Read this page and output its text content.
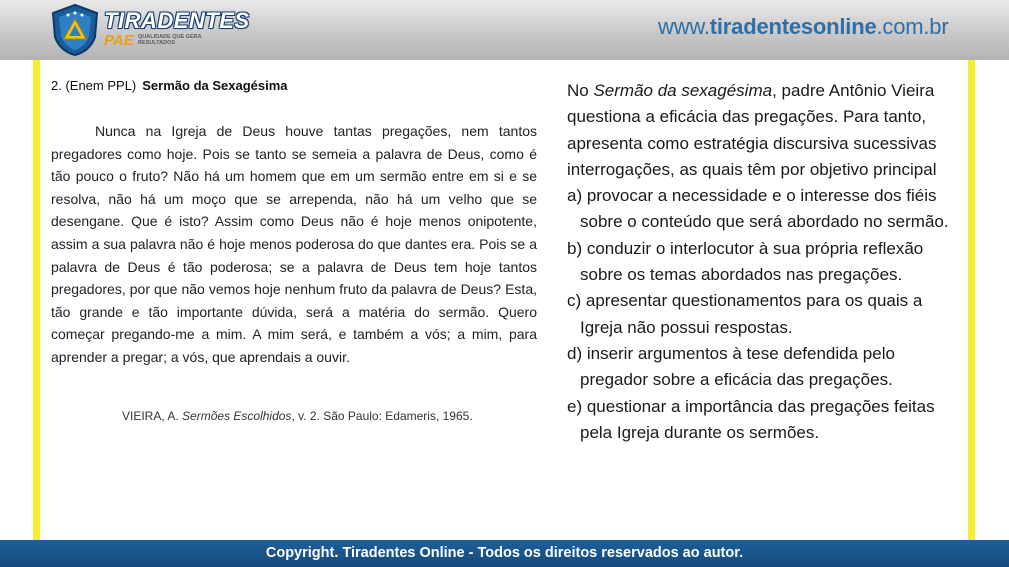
TIRADENTES
PAE QUALIDADE QUE GERA RESULTADOS
www.tiradentesonline.com.br
2. (Enem PPL) Sermão da Sexagésima
Nunca na Igreja de Deus houve tantas pregações, nem tantos pregadores como hoje. Pois se tanto se semeia a palavra de Deus, como é tão pouco o fruto? Não há um homem que em um sermão entre em si e se resolva, não há um moço que se arrependa, não há um velho que se desengane. Que é isto? Assim como Deus não é hoje menos onipotente, assim a sua palavra não é hoje menos poderosa do que dantes era. Pois se a palavra de Deus é tão poderosa; se a palavra de Deus tem hoje tantos pregadores, por que não vemos hoje nenhum fruto da palavra de Deus? Esta, tão grande e tão importante dúvida, será a matéria do sermão. Quero começar pregando-me a mim. A mim será, e também a vós; a mim, para aprender a pregar; a vós, que aprendais a ouvir.
VIEIRA, A. Sermões Escolhidos, v. 2. São Paulo: Edameris, 1965.

No Sermão da sexagésima, padre Antônio Vieira questiona a eficácia das pregações. Para tanto, apresenta como estratégia discursiva sucessivas interrogações, as quais têm por objetivo principal

a) provocar a necessidade e o interesse dos fiéis sobre o conteúdo que será abordado no sermão.

b) conduzir o interlocutor à sua própria reflexão sobre os temas abordados nas pregações.

c) apresentar questionamentos para os quais a Igreja não possui respostas.

d) inserir argumentos à tese defendida pelo pregador sobre a eficácia das pregações.

e) questionar a importância das pregações feitas pela Igreja durante os sermões.

Copyright. Tiradentes Online - Todos os direitos reservados ao autor.
